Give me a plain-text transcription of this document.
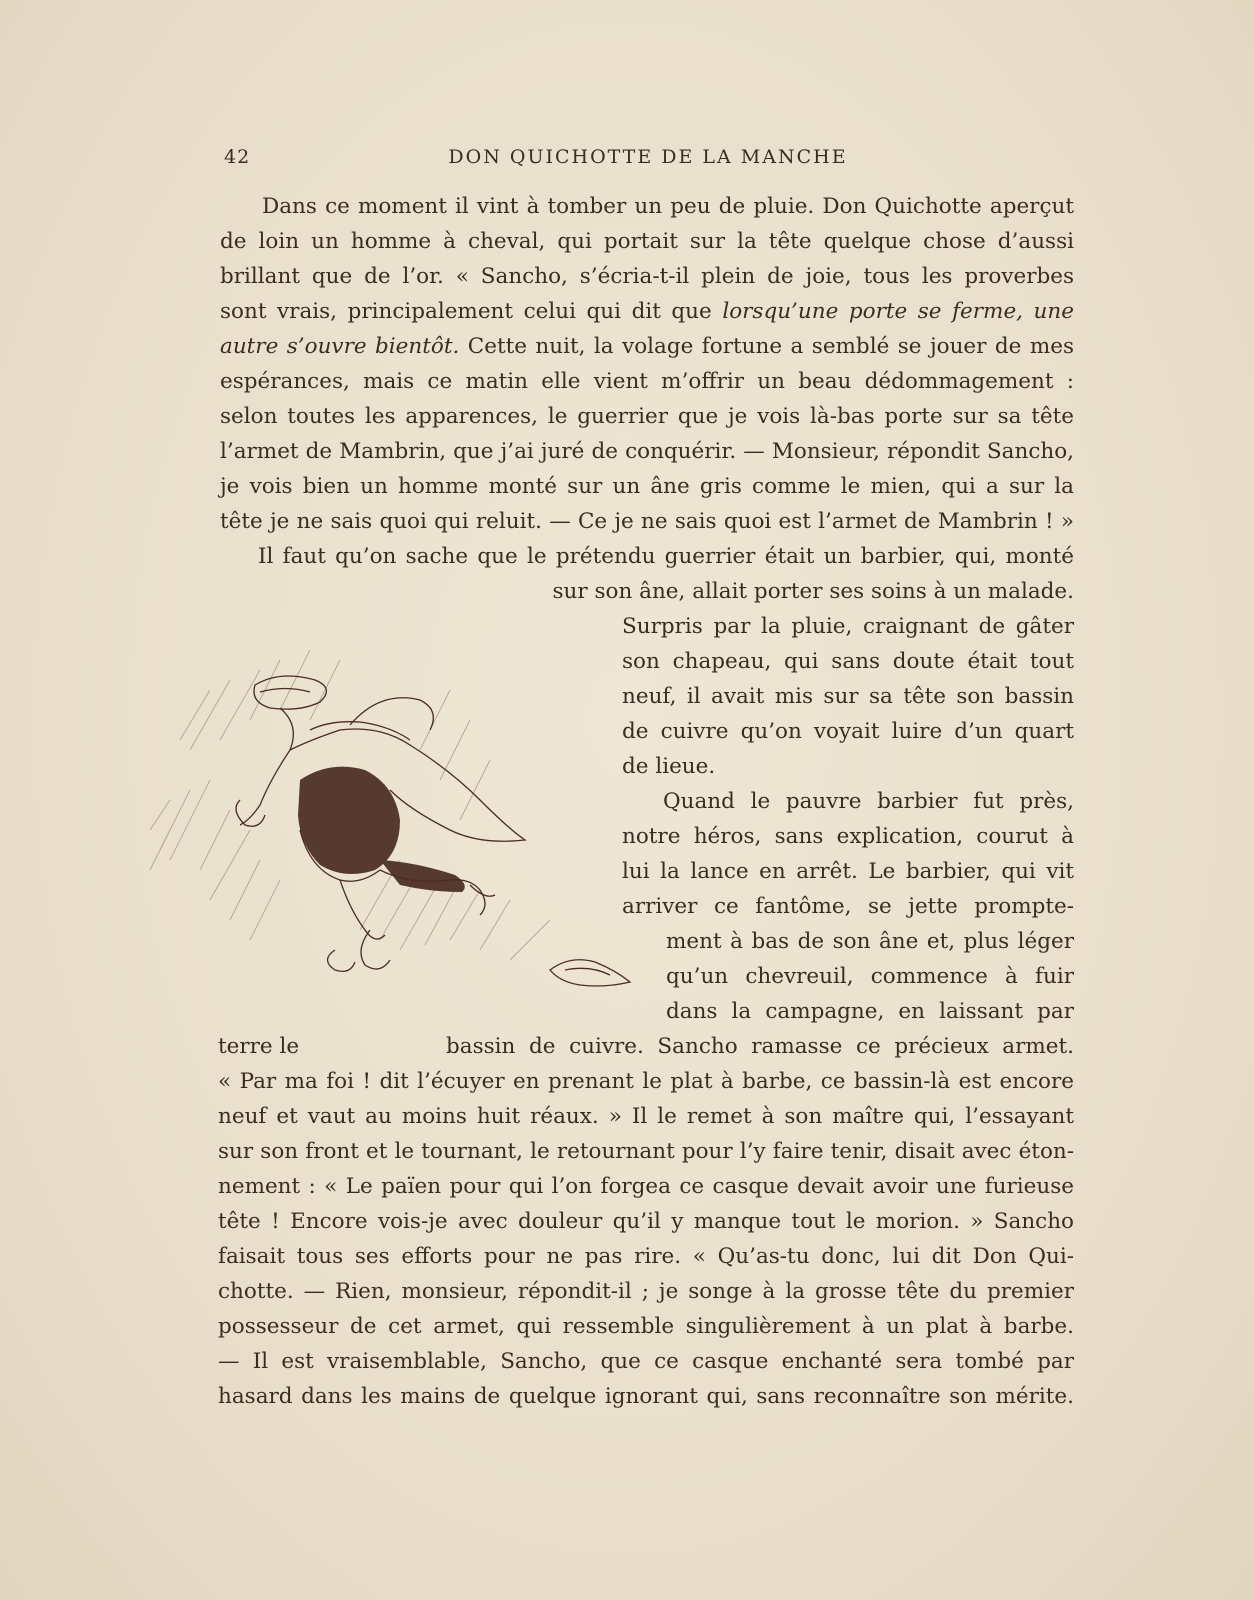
42	DON QUICHOTTE DE LA MANCHE
Dans ce moment il vint à tomber un peu de pluie. Don Quichotte aperçut
de loin un homme à cheval, qui portait sur la tête quelque chose d’aussi
brillant que de l’or. « Sancho, s’écria-t-il plein de joie, tous les proverbes
sont vrais, principalement celui qui dit que lorsqu’une porte se ferme, une
autre s’ouvre bientôt. Cette nuit, la volage fortune a semblé se jouer de mes
espérances, mais ce matin elle vient m’offrir un beau dédommagement :
selon toutes les apparences, le guerrier que je vois là-bas porte sur sa tête
l’armet de Mambrin, que j’ai juré de conquérir. — Monsieur, répondit Sancho,
je vois bien un homme monté sur un âne gris comme le mien, qui a sur la
tête je ne sais quoi qui reluit. — Ce je ne sais quoi est l’armet de Mambrin ! »
Il faut qu’on sache que le prétendu guerrier était un barbier, qui, monté
sur son âne, allait porter ses soins à un malade.
Surpris par la pluie, craignant de gâter
son chapeau, qui sans doute était tout
neuf, il avait mis sur sa tête son bassin
de cuivre qu’on voyait luire d’un quart
de lieue.
Quand le pauvre barbier fut près,
notre héros, sans explication, courut à
lui la lance en arrêt. Le barbier, qui vit
arriver ce fantôme, se jette prompte-
ment à bas de son âne et, plus léger
qu’un chevreuil, commence à fuir
dans la campagne, en laissant par
terre le	bassin de cuivre. Sancho ramasse ce précieux armet.
« Par ma foi ! dit l’écuyer en prenant le plat à barbe, ce bassin-là est encore
neuf et vaut au moins huit réaux. » Il le remet à son maître qui, l’essayant
sur son front et le tournant, le retournant pour l’y faire tenir, disait avec éton-
nement : « Le païen pour qui l’on forgea ce casque devait avoir une furieuse
tête ! Encore vois-je avec douleur qu’il y manque tout le morion. » Sancho
faisait tous ses efforts pour ne pas rire. « Qu’as-tu donc, lui dit Don Qui-
chotte. — Rien, monsieur, répondit-il ; je songe à la grosse tête du premier
possesseur de cet armet, qui ressemble singulièrement à un plat à barbe.
— Il est vraisemblable, Sancho, que ce casque enchanté sera tombé par
hasard dans les mains de quelque ignorant qui, sans reconnaître son mérite.
